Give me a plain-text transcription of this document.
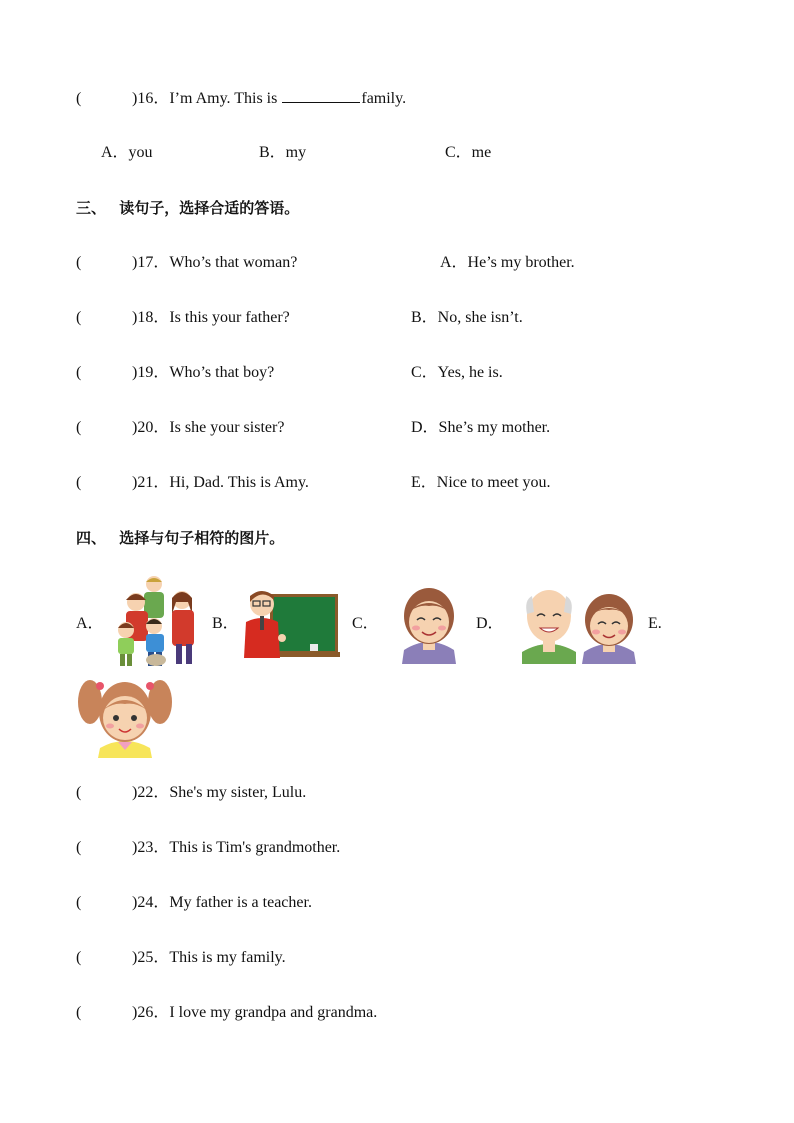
(	)16．I’m Amy. This is	family.
A．you	B．my	C．me
三、 读句子，选择合适的答语。
(	)17．Who’s that woman?	A．He’s my brother.
(	)18．Is this your father?	B．No, she isn’t.
(	)19．Who’s that boy?	C．Yes, he is.
(	)20．Is she your sister?	D．She’s my mother.
(	)21．Hi, Dad. This is Amy.	E．Nice to meet you.
四、 选择与句子相符的图片。
A．	B．	C．	D．	E.
(	)22．She's my sister, Lulu.
(	)23．This is Tim's grandmother.
(	)24．My father is a teacher.
(	)25．This is my family.
(	)26．I love my grandpa and grandma.
